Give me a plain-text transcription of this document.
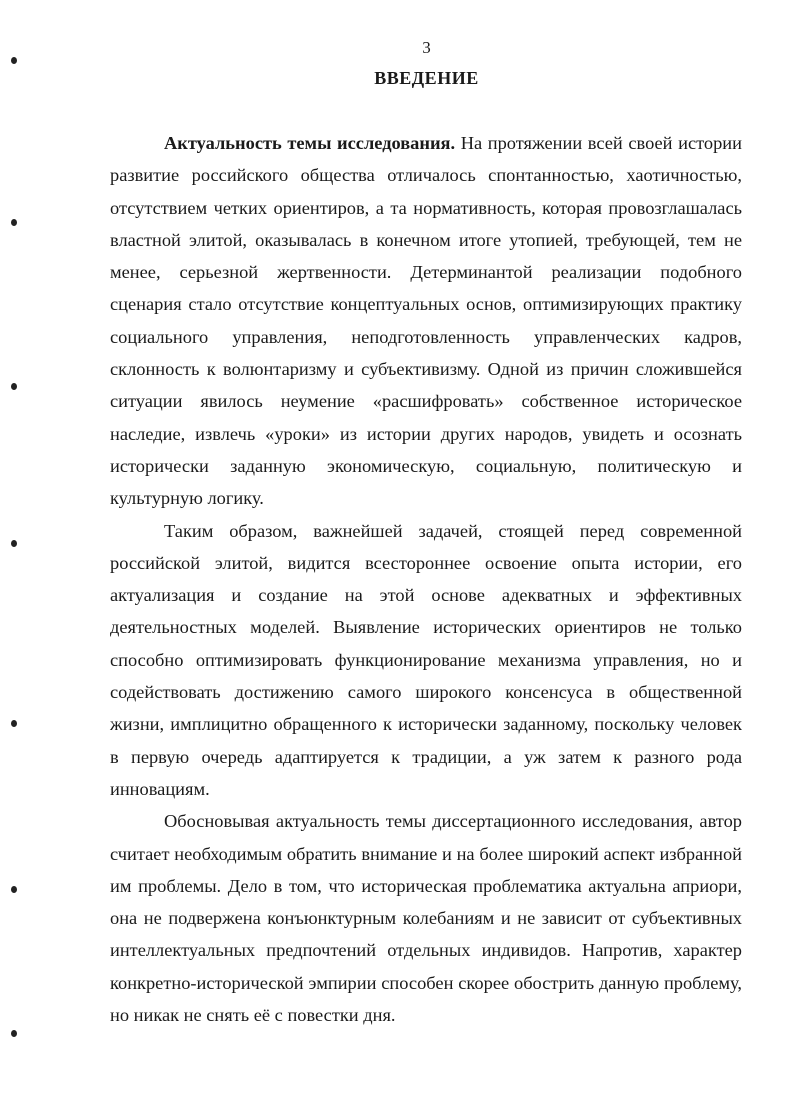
3
ВВЕДЕНИЕ

Актуальность темы исследования. На протяжении всей своей истории развитие российского общества отличалось спонтанностью, хаотичностью, отсутствием четких ориентиров, а та нормативность, которая провозглашалась властной элитой, оказывалась в конечном итоге утопией, требующей, тем не менее, серьезной жертвенности. Детерминантой реализации подобного сценария стало отсутствие концептуальных основ, оптимизирующих практику социального управления, неподготовленность управленческих кадров, склонность к волюнтаризму и субъективизму. Одной из причин сложившейся ситуации явилось неумение «расшифровать» собственное историческое наследие, извлечь «уроки» из истории других народов, увидеть и осознать исторически заданную экономическую, социальную, политическую и культурную логику.

Таким образом, важнейшей задачей, стоящей перед современной российской элитой, видится всестороннее освоение опыта истории, его актуализация и создание на этой основе адекватных и эффективных деятельностных моделей. Выявление исторических ориентиров не только способно оптимизировать функционирование механизма управления, но и содействовать достижению самого широкого консенсуса в общественной жизни, имплицитно обращенного к исторически заданному, поскольку человек в первую очередь адаптируется к традиции, а уж затем к разного рода инновациям.

Обосновывая актуальность темы диссертационного исследования, автор считает необходимым обратить внимание и на более широкий аспект избранной им проблемы. Дело в том, что историческая проблематика актуальна априори, она не подвержена конъюнктурным колебаниям и не зависит от субъективных интеллектуальных предпочтений отдельных индивидов. Напротив, характер конкретно-исторической эмпирии способен скорее обострить данную проблему, но никак не снять её с повестки дня.
